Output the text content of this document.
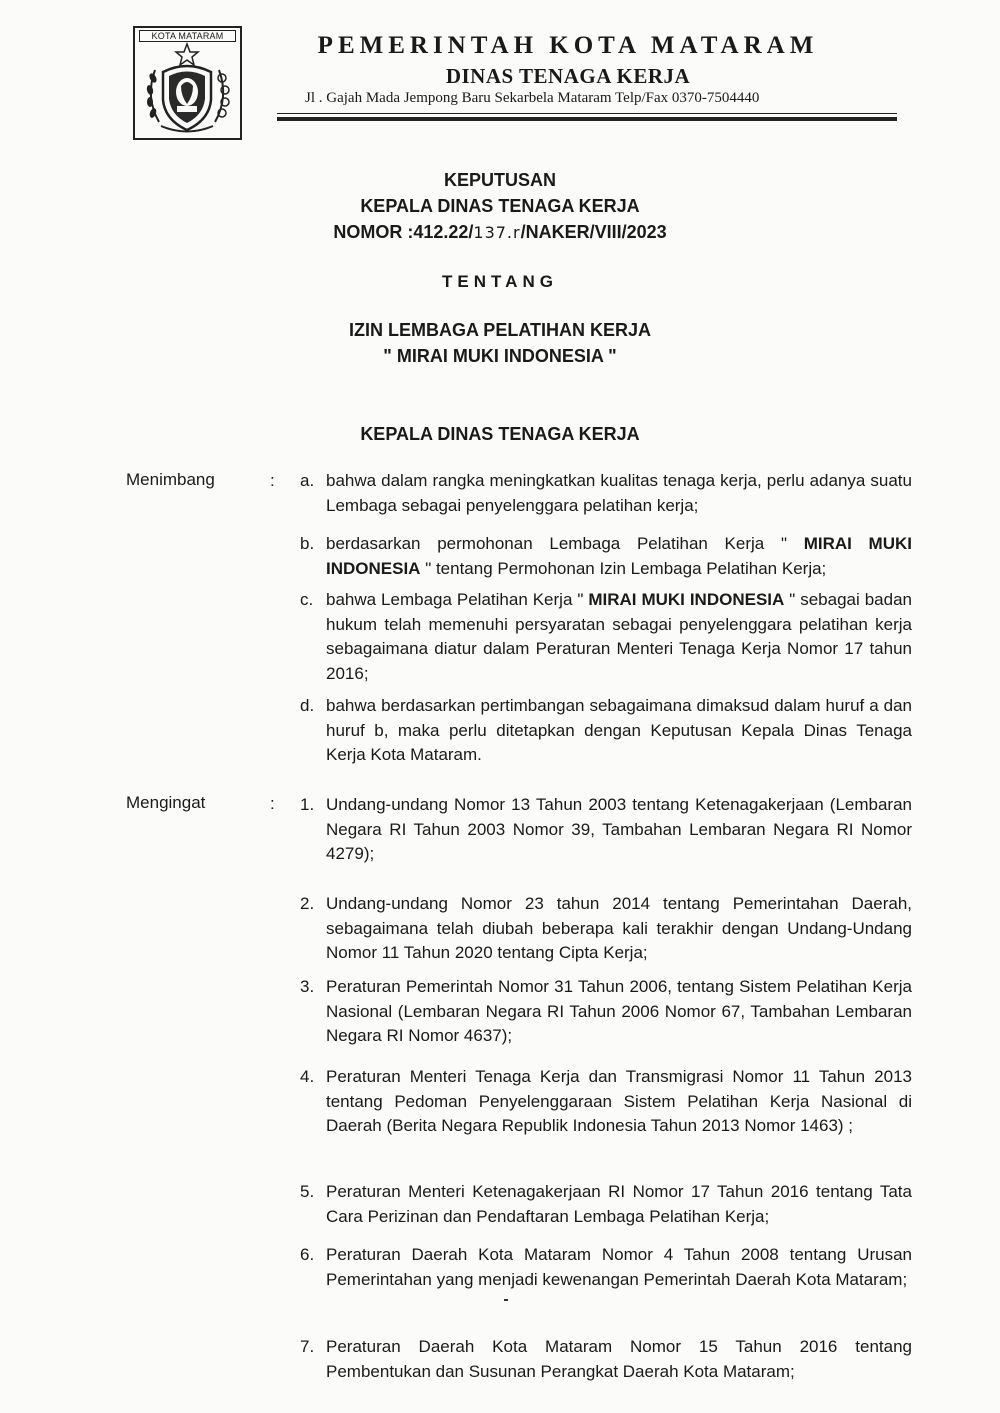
KOTA MATARAM	PEMERINTAH KOTA MATARAM
DINAS TENAGA KERJA
Jl . Gajah Mada Jempong Baru Sekarbela Mataram Telp/Fax 0370-7504440
KEPUTUSAN
KEPALA DINAS TENAGA KERJA
NOMOR :412.22/137.r/NAKER/VIII/2023
TENTANG
IZIN LEMBAGA PELATIHAN KERJA
" MIRAI MUKI INDONESIA "
KEPALA DINAS TENAGA KERJA
Menimbang	: a. bahwa dalam rangka meningkatkan kualitas tenaga kerja, perlu adanya suatu Lembaga sebagai penyelenggara pelatihan kerja;
b. berdasarkan permohonan Lembaga Pelatihan Kerja " MIRAI MUKI INDONESIA " tentang Permohonan Izin Lembaga Pelatihan Kerja;
c. bahwa Lembaga Pelatihan Kerja " MIRAI MUKI INDONESIA " sebagai badan hukum telah memenuhi persyaratan sebagai penyelenggara pelatihan kerja sebagaimana diatur dalam Peraturan Menteri Tenaga Kerja Nomor 17 tahun 2016;
d. bahwa berdasarkan pertimbangan sebagaimana dimaksud dalam huruf a dan huruf b, maka perlu ditetapkan dengan Keputusan Kepala Dinas Tenaga Kerja Kota Mataram.
Mengingat	: 1. Undang-undang Nomor 13 Tahun 2003 tentang Ketenagakerjaan (Lembaran Negara RI Tahun 2003 Nomor 39, Tambahan Lembaran Negara RI Nomor 4279);
2. Undang-undang Nomor 23 tahun 2014 tentang Pemerintahan Daerah, sebagaimana telah diubah beberapa kali terakhir dengan Undang-Undang Nomor 11 Tahun 2020 tentang Cipta Kerja;
3. Peraturan Pemerintah Nomor 31 Tahun 2006, tentang Sistem Pelatihan Kerja Nasional (Lembaran Negara RI Tahun 2006 Nomor 67, Tambahan Lembaran Negara RI Nomor 4637);
4. Peraturan Menteri Tenaga Kerja dan Transmigrasi Nomor 11 Tahun 2013 tentang Pedoman Penyelenggaraan Sistem Pelatihan Kerja Nasional di Daerah (Berita Negara Republik Indonesia Tahun 2013 Nomor 1463) ;
5. Peraturan Menteri Ketenagakerjaan RI Nomor 17 Tahun 2016 tentang Tata Cara Perizinan dan Pendaftaran Lembaga Pelatihan Kerja;
6. Peraturan Daerah Kota Mataram Nomor 4 Tahun 2008 tentang Urusan Pemerintahan yang menjadi kewenangan Pemerintah Daerah Kota Mataram;
7. Peraturan Daerah Kota Mataram Nomor 15 Tahun 2016 tentang Pembentukan dan Susunan Perangkat Daerah Kota Mataram;
